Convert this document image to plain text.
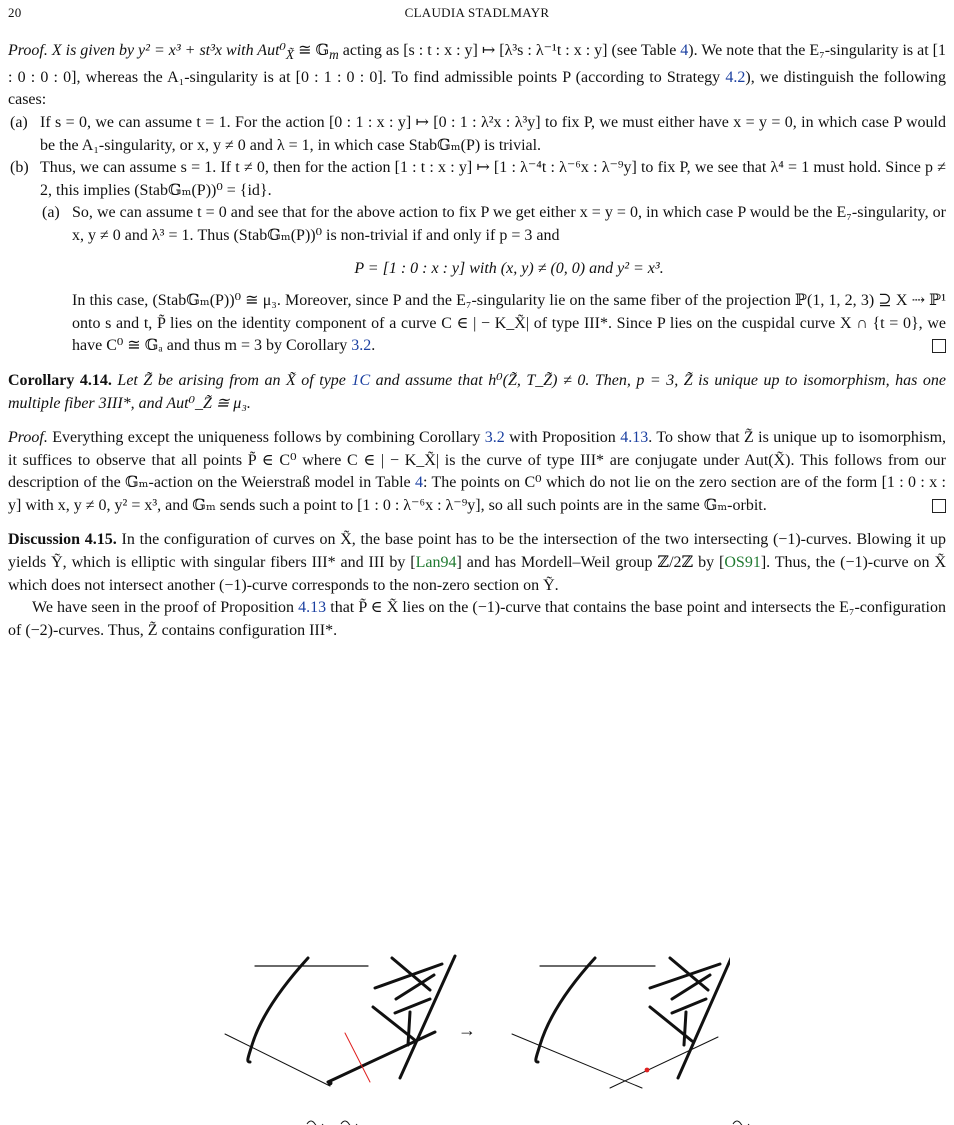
20	CLAUDIA STADLMAYR

Proof. X is given by y² = x³ + st³x with $Aut^0_{X̃}$ ≅ 𝔾$_m$ acting as [s : t : x : y] ↦ [λ³s : λ⁻¹t : x : y] (see Table 4). We note that the E₇-singularity is at [1 : 0 : 0 : 0], whereas the A₁-singularity is at [0 : 1 : 0 : 0]. To find admissible points P (according to Strategy 4.2), we distinguish the following cases:

(a) If s = 0, we can assume t = 1. For the action [0 : 1 : x : y] ↦ [0 : 1 : λ²x : λ³y] to fix P, we must either have x = y = 0, in which case P would be the A₁-singularity, or x, y ≠ 0 and λ = 1, in which case Stab𝔾ₘ(P) is trivial.

(b) Thus, we can assume s = 1. If t ≠ 0, then for the action [1 : t : x : y] ↦ [1 : λ⁻⁴t : λ⁻⁶x : λ⁻⁹y] to fix P, we see that λ⁴ = 1 must hold. Since p ≠ 2, this implies (Stab𝔾ₘ(P))⁰ = {id}.

(a) So, we can assume t = 0 and see that for the above action to fix P we get either x = y = 0, in which case P would be the E₇-singularity, or x, y ≠ 0 and λ³ = 1. Thus (Stab𝔾ₘ(P))⁰ is non-trivial if and only if p = 3 and

P = [1 : 0 : x : y] with (x, y) ≠ (0, 0) and y² = x³.

In this case, (Stab𝔾ₘ(P))⁰ ≅ μ₃. Moreover, since P and the E₇-singularity lie on the same fiber of the projection ℙ(1, 1, 2, 3) ⊇ X ⇢ ℙ¹ onto s and t, P̃ lies on the identity component of a curve C ∈ | − K_X̃| of type III*. Since P lies on the cuspidal curve X ∩ {t = 0}, we have C⁰ ≅ 𝔾ₐ and thus m = 3 by Corollary 3.2.

Corollary 4.14. Let Z̃ be arising from an X̃ of type 1C and assume that h⁰(Z̃, T_Z̃) ≠ 0. Then, p = 3, Z̃ is unique up to isomorphism, has one multiple fiber 3III*, and Aut⁰_Z̃ ≅ μ₃.

Proof. Everything except the uniqueness follows by combining Corollary 3.2 with Proposition 4.13. To show that Z̃ is unique up to isomorphism, it suffices to observe that all points P̃ ∈ C⁰ where C ∈ | − K_X̃| is the curve of type III* are conjugate under Aut(X̃). This follows from our description of the 𝔾ₘ-action on the Weierstraß model in Table 4: The points on C⁰ which do not lie on the zero section are of the form [1 : 0 : x : y] with x, y ≠ 0, y² = x³, and 𝔾ₘ sends such a point to [1 : 0 : λ⁻⁶x : λ⁻⁹y], so all such points are in the same 𝔾ₘ-orbit.

Discussion 4.15. In the configuration of curves on X̃, the base point has to be the intersection of the two intersecting (−1)-curves. Blowing it up yields Ỹ, which is elliptic with singular fibers III* and III by [Lan94] and has Mordell–Weil group ℤ/2ℤ by [OS91]. Thus, the (−1)-curve on X̃ which does not intersect another (−1)-curve corresponds to the non-zero section on Ỹ.

We have seen in the proof of Proposition 4.13 that P̃ ∈ X̃ lies on the (−1)-curve that contains the base point and intersects the E₇-configuration of (−2)-curves. Thus, Z̃ contains configuration III*.

→
